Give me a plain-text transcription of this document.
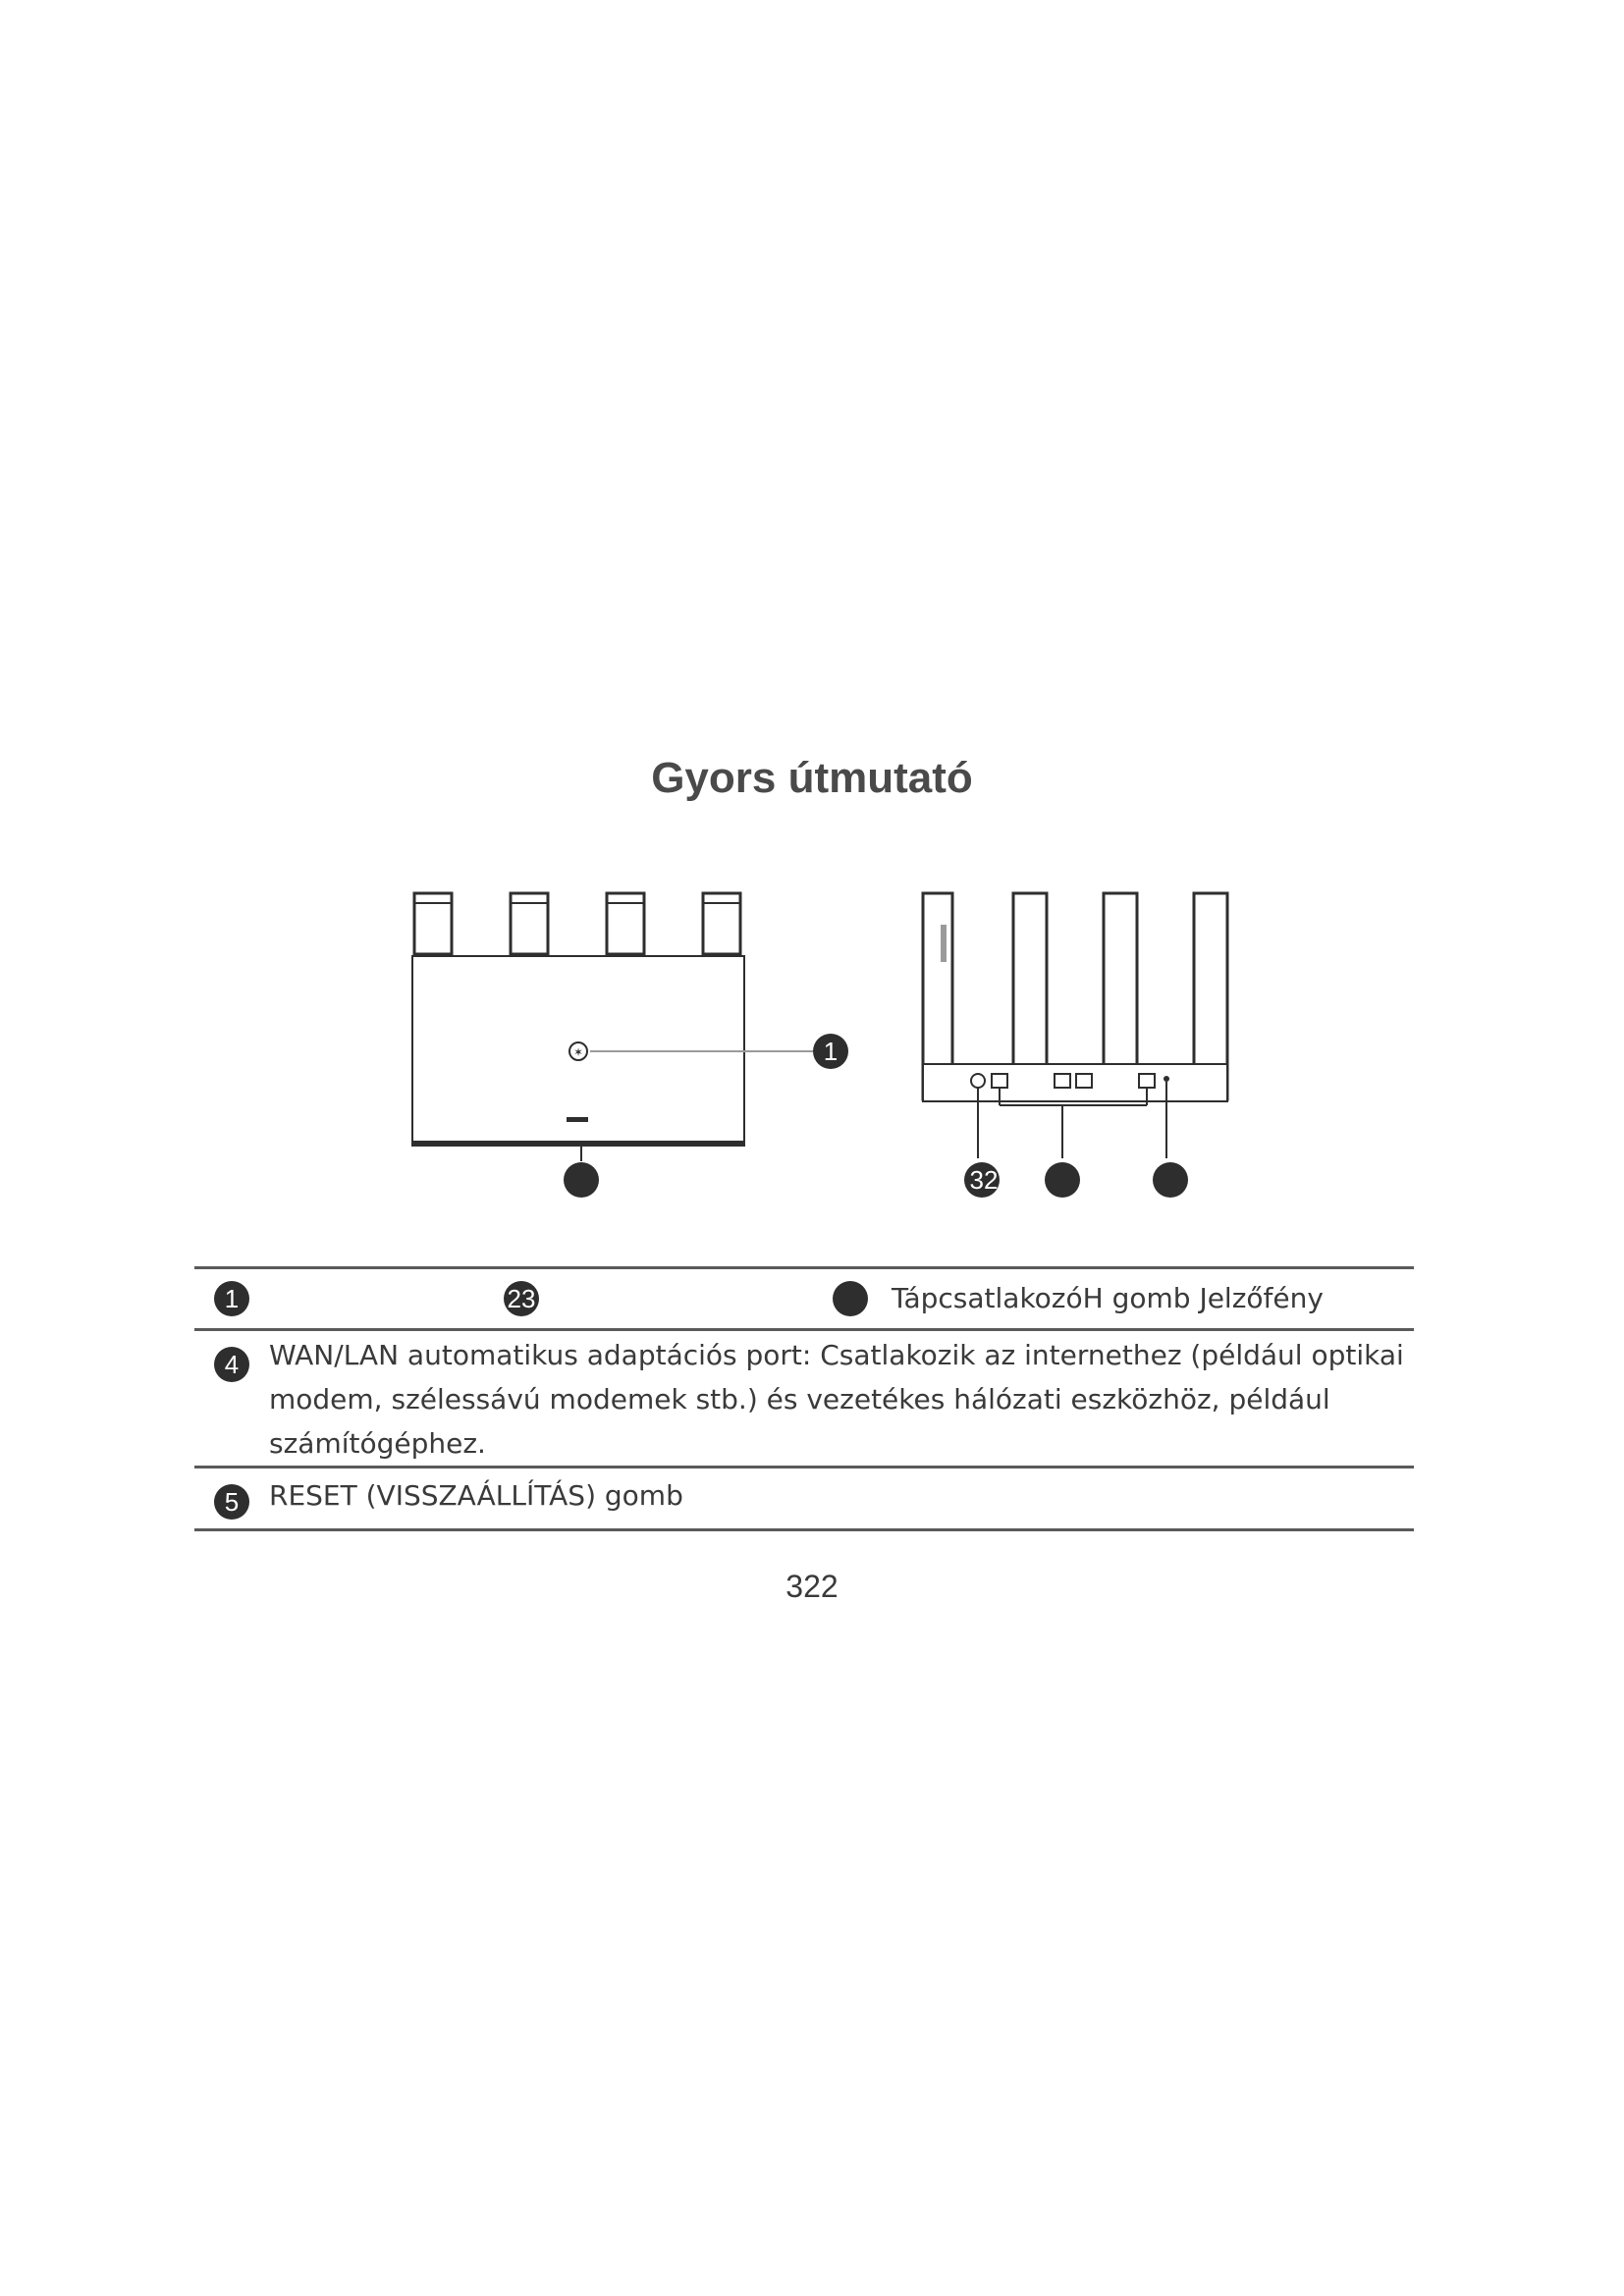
Gyors útmutató
✶	1
32
1	23	TápcsatlakozóH gomb Jelzőfény
4	WAN/LAN automatikus adaptációs port: Csatlakozik az internethez (például optikai modem, szélessávú modemek stb.) és vezetékes hálózati eszközhöz, például számítógéphez.
5	RESET (VISSZAÁLLÍTÁS) gomb
322
